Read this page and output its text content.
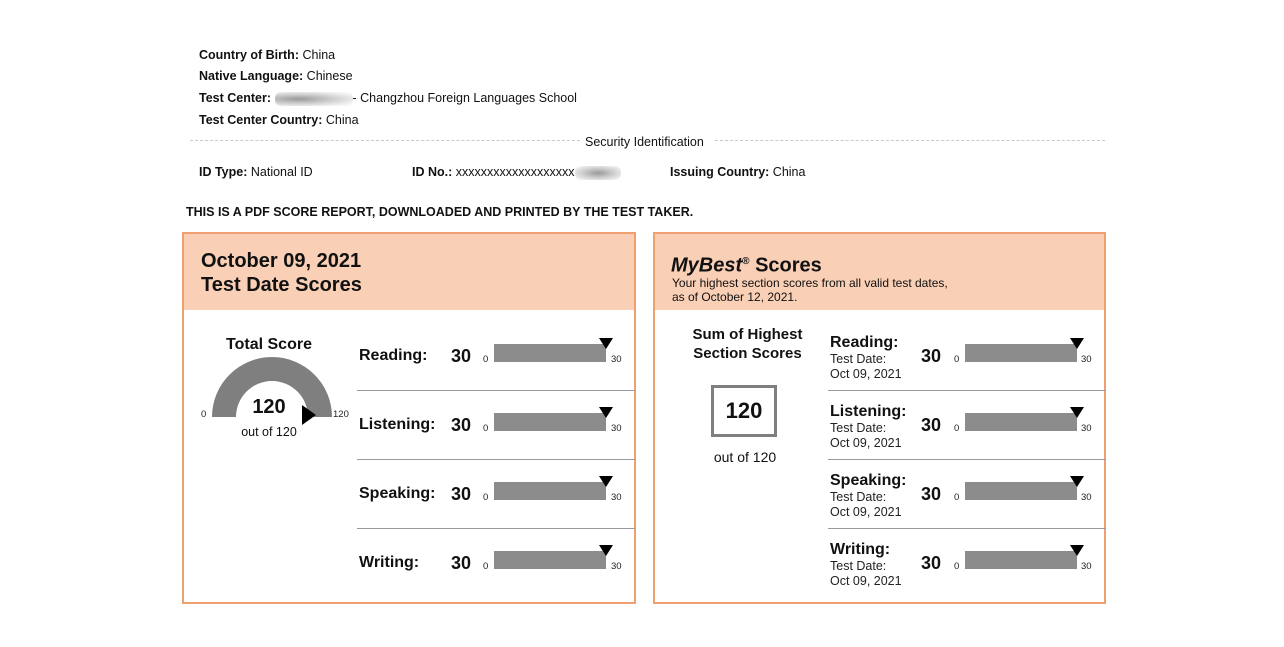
Country of Birth: China
Native Language: Chinese
Test Center:	- Changzhou Foreign Languages School
Test Center Country: China
Security Identification
ID Type: National ID	ID No.: xxxxxxxxxxxxxxxxxxx	Issuing Country: China
THIS IS A PDF SCORE REPORT, DOWNLOADED AND PRINTED BY THE TEST TAKER.
October 09, 2021
Test Date Scores
Total Score
0	120
120
out of 120
Reading: 30 0	30
Listening: 30 0	30
Speaking: 30 0	30
Writing: 30 0	30
MyBest® Scores
Your highest section scores from all valid test dates,
as of October 12, 2021.
Sum of Highest
Section Scores
120
out of 120
Reading:
Test Date:
Oct 09, 2021
30 0	30
Listening:
Test Date:
Oct 09, 2021
30 0	30
Speaking:
Test Date:
Oct 09, 2021
30 0	30
Writing:
Test Date:
Oct 09, 2021
30 0	30
